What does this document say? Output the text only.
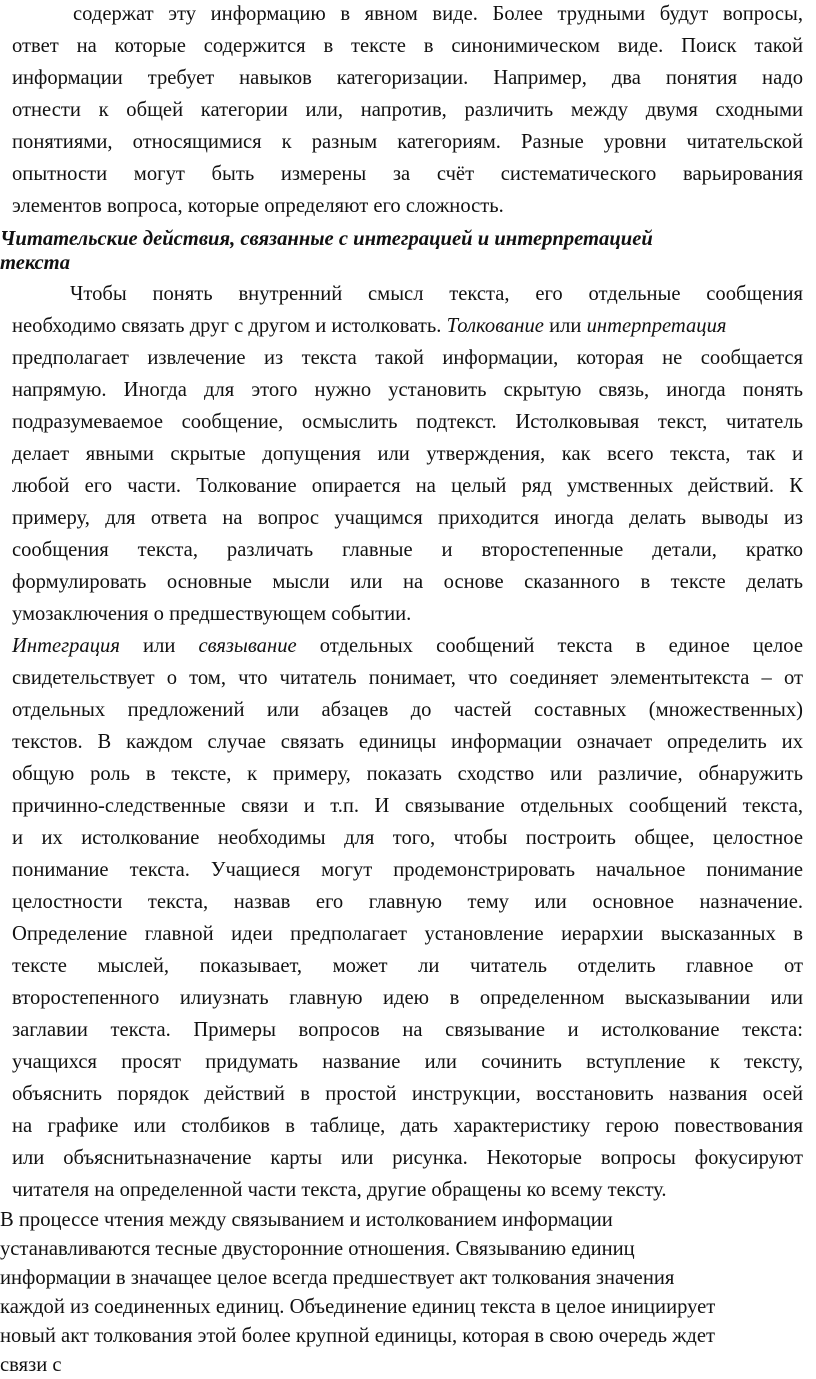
содержат эту информацию в явном виде. Более трудными будут вопросы,
ответ на которые содержится в тексте в синонимическом виде. Поиск такой
информации требует навыков категоризации. Например, два понятия надо
отнести к общей категории или, напротив, различить между двумя сходными
понятиями, относящимися к разным категориям. Разные уровни читательской
опытности могут быть измерены за счёт систематического варьирования
элементов вопроса, которые определяют его сложность.
Читательские действия, связанные с интеграцией и интерпретацией
текста
Чтобы понять внутренний смысл текста, его отдельные сообщения
необходимо связать друг с другом и истолковать. Толкование или интерпретация
предполагает извлечение из текста такой информации, которая не сообщается
напрямую. Иногда для этого нужно установить скрытую связь, иногда понять
подразумеваемое сообщение, осмыслить подтекст. Истолковывая текст, читатель
делает явными скрытые допущения или утверждения, как всего текста, так и
любой его части. Толкование опирается на целый ряд умственных действий. К
примеру, для ответа на вопрос учащимся приходится иногда делать выводы из
сообщения текста, различать главные и второстепенные детали, кратко
формулировать основные мысли или на основе сказанного в тексте делать
умозаключения о предшествующем событии.
Интеграция или связывание отдельных сообщений текста в единое целое
свидетельствует о том, что читатель понимает, что соединяет элементытекста – от
отдельных предложений или абзацев до частей составных (множественных)
текстов. В каждом случае связать единицы информации означает определить их
общую роль в тексте, к примеру, показать сходство или различие, обнаружить
причинно-следственные связи и т.п. И связывание отдельных сообщений текста,
и их истолкование необходимы для того, чтобы построить общее, целостное
понимание текста. Учащиеся могут продемонстрировать начальное понимание
целостности текста, назвав его главную тему или основное назначение.
Определение главной идеи предполагает установление иерархии высказанных в
тексте мыслей, показывает, может ли читатель отделить главное от
второстепенного илиузнать главную идею в определенном высказывании или
заглавии текста. Примеры вопросов на связывание и истолкование текста:
учащихся просят придумать название или сочинить вступление к тексту,
объяснить порядок действий в простой инструкции, восстановить названия осей
на графике или столбиков в таблице, дать характеристику герою повествования
или объяснитьназначение карты или рисунка. Некоторые вопросы фокусируют
читателя на определенной части текста, другие обращены ко всему тексту.
В процессе чтения между связыванием и истолкованием информации
устанавливаются тесные двусторонние отношения. Связыванию единиц
информации в значащее целое всегда предшествует акт толкования значения
каждой из соединенных единиц. Объединение единиц текста в целое инициирует
новый акт толкования этой более крупной единицы, которая в свою очередь ждет
связи с
